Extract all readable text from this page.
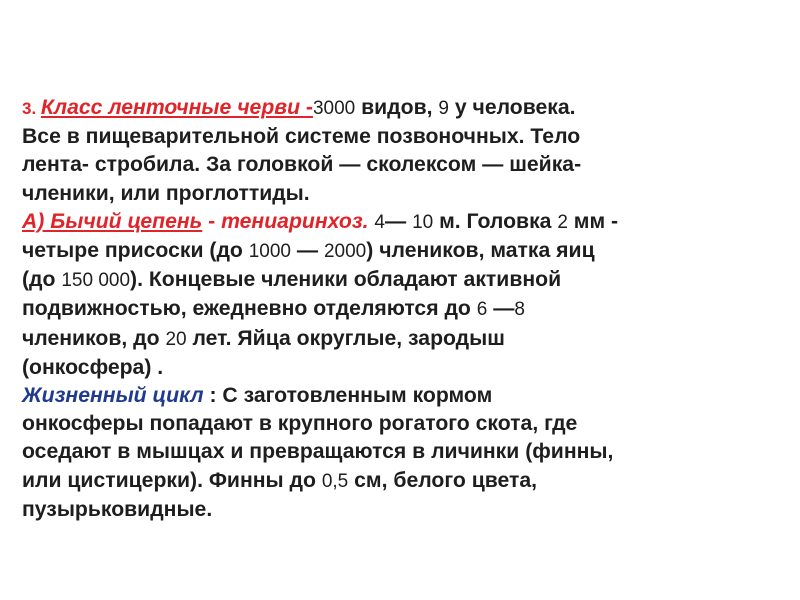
3. Класс ленточные черви -3000 видов, 9 у человека.
Все в пищеварительной системе позвоночных. Тело
лента- стробила. За головкой — сколексом — шейка-
членики, или проглоттиды.
А) Бычий цепень - тениаринхоз. 4— 10 м. Головка 2 мм -
четыре присоски (до 1000 — 2000) члеников, матка яиц
(до 150 000). Концевые членики обладают активной
подвижностью, ежедневно отделяются до 6 —8
члеников, до 20 лет. Яйца округлые, зародыш
(онкосфера) .
Жизненный цикл : С заготовленным кормом
онкосферы попадают в крупного рогатого скота, где
оседают в мышцах и превращаются в личинки (финны,
или цистицерки). Финны до 0,5 см, белого цвета,
пузырьковидные.
